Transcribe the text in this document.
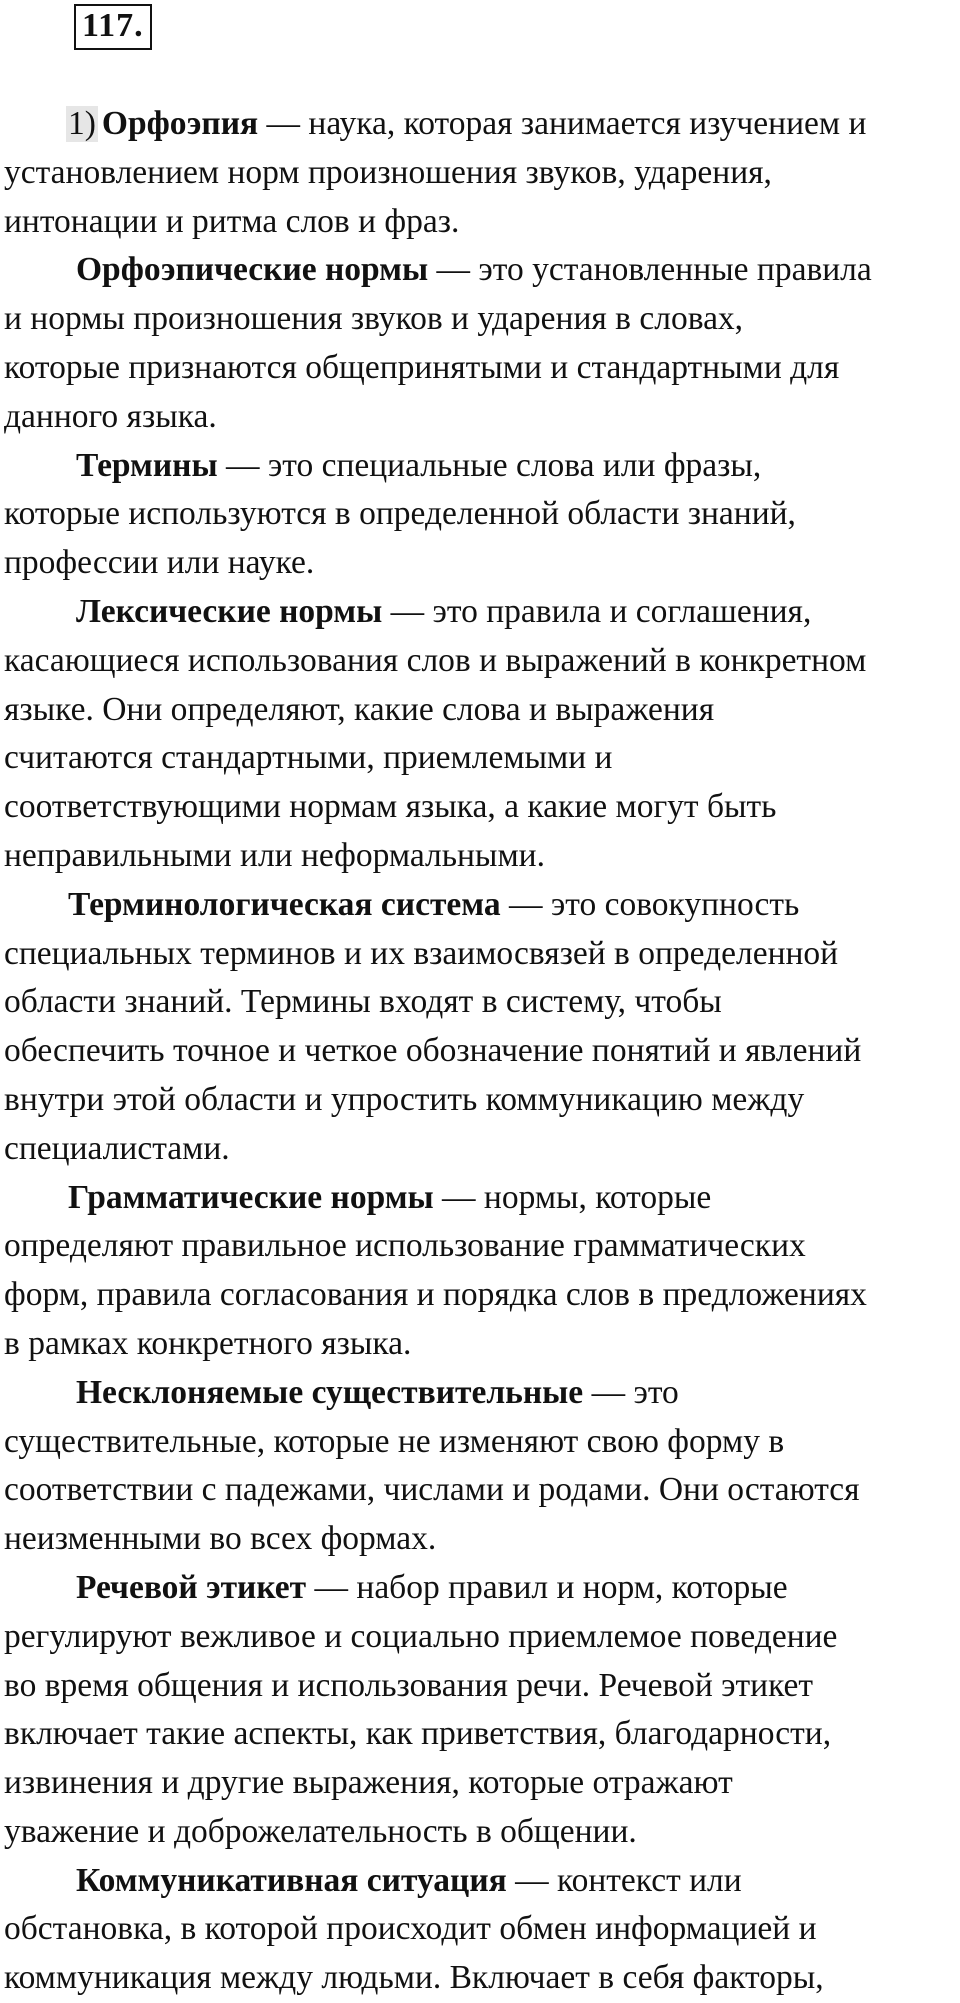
117.
1) Орфоэпия — наука, которая занимается изучением и
установлением норм произношения звуков, ударения,
интонации и ритма слов и фраз.
Орфоэпические нормы — это установленные правила
и нормы произношения звуков и ударения в словах,
которые признаются общепринятыми и стандартными для
данного языка.
Термины — это специальные слова или фразы,
которые используются в определенной области знаний,
профессии или науке.
Лексические нормы — это правила и соглашения,
касающиеся использования слов и выражений в конкретном
языке. Они определяют, какие слова и выражения
считаются стандартными, приемлемыми и
соответствующими нормам языка, а какие могут быть
неправильными или неформальными.
Терминологическая система — это совокупность
специальных терминов и их взаимосвязей в определенной
области знаний. Термины входят в систему, чтобы
обеспечить точное и четкое обозначение понятий и явлений
внутри этой области и упростить коммуникацию между
специалистами.
Грамматические нормы — нормы, которые
определяют правильное использование грамматических
форм, правила согласования и порядка слов в предложениях
в рамках конкретного языка.
Несклоняемые существительные — это
существительные, которые не изменяют свою форму в
соответствии с падежами, числами и родами. Они остаются
неизменными во всех формах.
Речевой этикет — набор правил и норм, которые
регулируют вежливое и социально приемлемое поведение
во время общения и использования речи. Речевой этикет
включает такие аспекты, как приветствия, благодарности,
извинения и другие выражения, которые отражают
уважение и доброжелательность в общении.
Коммуникативная ситуация — контекст или
обстановка, в которой происходит обмен информацией и
коммуникация между людьми. Включает в себя факторы,
